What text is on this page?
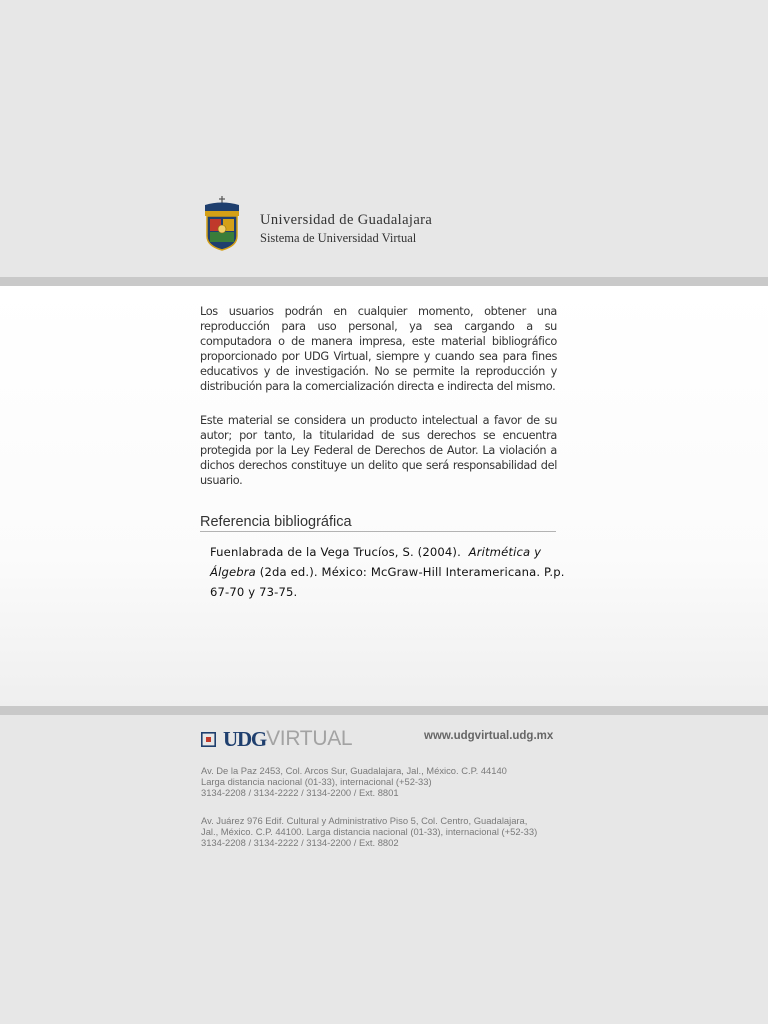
Universidad de Guadalajara
Sistema de Universidad Virtual
Los usuarios podrán en cualquier momento, obtener una reproducción para uso personal, ya sea cargando a su computadora o de manera impresa, este material bibliográfico proporcionado por UDG Virtual, siempre y cuando sea para fines educativos y de investigación. No se permite la reproducción y distribución para la comercialización directa e indirecta del mismo.
Este material se considera un producto intelectual a favor de su autor; por tanto, la titularidad de sus derechos se encuentra protegida por la Ley Federal de Derechos de Autor. La violación a dichos derechos constituye un delito que será responsabilidad del usuario.
Referencia bibliográfica
Fuenlabrada de la Vega Trucíos, S. (2004). Aritmética y Álgebra (2da ed.). México: McGraw-Hill Interamericana. P.p. 67-70 y 73-75.
UDG VIRTUAL	www.udgvirtual.udg.mx
Av. De la Paz 2453, Col. Arcos Sur, Guadalajara, Jal., México. C.P. 44140
Larga distancia nacional (01-33), internacional (+52-33)
3134-2208 / 3134-2222 / 3134-2200 / Ext. 8801
Av. Juárez 976 Edif. Cultural y Administrativo Piso 5, Col. Centro, Guadalajara,
Jal., México. C.P. 44100. Larga distancia nacional (01-33), internacional (+52-33)
3134-2208 / 3134-2222 / 3134-2200 / Ext. 8802
